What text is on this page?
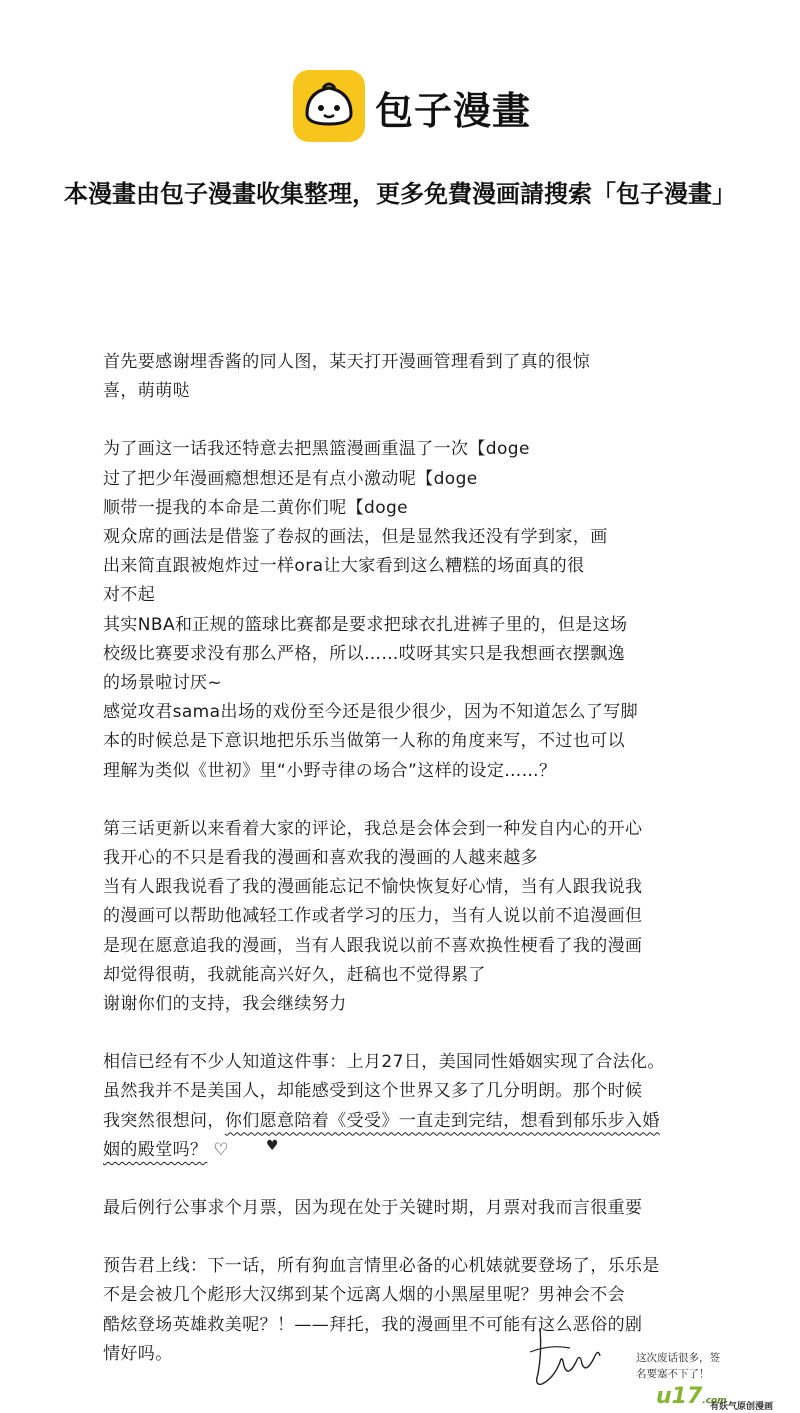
包子漫畫
本漫畫由包子漫畫收集整理，更多免費漫画請搜索「包子漫畫」

首先要感谢埋香酱的同人图，某天打开漫画管理看到了真的很惊

喜，萌萌哒

为了画这一话我还特意去把黑篮漫画重温了一次【doge

过了把少年漫画瘾想想还是有点小激动呢【doge

顺带一提我的本命是二黄你们呢【doge

观众席的画法是借鉴了卷叔的画法，但是显然我还没有学到家，画

出来简直跟被炮炸过一样ora让大家看到这么糟糕的场面真的很

对不起

其实NBA和正规的篮球比赛都是要求把球衣扎进裤子里的，但是这场

校级比赛要求没有那么严格，所以……哎呀其实只是我想画衣摆飘逸

的场景啦讨厌~

感觉攻君sama出场的戏份至今还是很少很少，因为不知道怎么了写脚

本的时候总是下意识地把乐乐当做第一人称的角度来写，不过也可以

理解为类似《世初》里“小野寺律の场合”这样的设定……？

第三话更新以来看着大家的评论，我总是会体会到一种发自内心的开心

我开心的不只是看我的漫画和喜欢我的漫画的人越来越多

当有人跟我说看了我的漫画能忘记不愉快恢复好心情，当有人跟我说我

的漫画可以帮助他减轻工作或者学习的压力，当有人说以前不追漫画但

是现在愿意追我的漫画，当有人跟我说以前不喜欢换性梗看了我的漫画

却觉得很萌，我就能高兴好久，赶稿也不觉得累了

谢谢你们的支持，我会继续努力

相信已经有不少人知道这件事：上月27日，美国同性婚姻实现了合法化。

虽然我并不是美国人，却能感受到这个世界又多了几分明朗。那个时候

我突然很想问，你们愿意陪着《受受》一直走到完结，想看到郁乐步入婚

姻的殿堂吗？ ♡

最后例行公事求个月票，因为现在处于关键时期，月票对我而言很重要

预告君上线：下一话，所有狗血言情里必备的心机婊就要登场了，乐乐是

不是会被几个彪形大汉绑到某个远离人烟的小黑屋里呢？男神会不会

酷炫登场英雄救美呢？！——拜托，我的漫画里不可能有这么恶俗的剧

情好吗。

♥
这次废话很多，签
名要塞不下了！
u17.com
有妖气原创漫画
